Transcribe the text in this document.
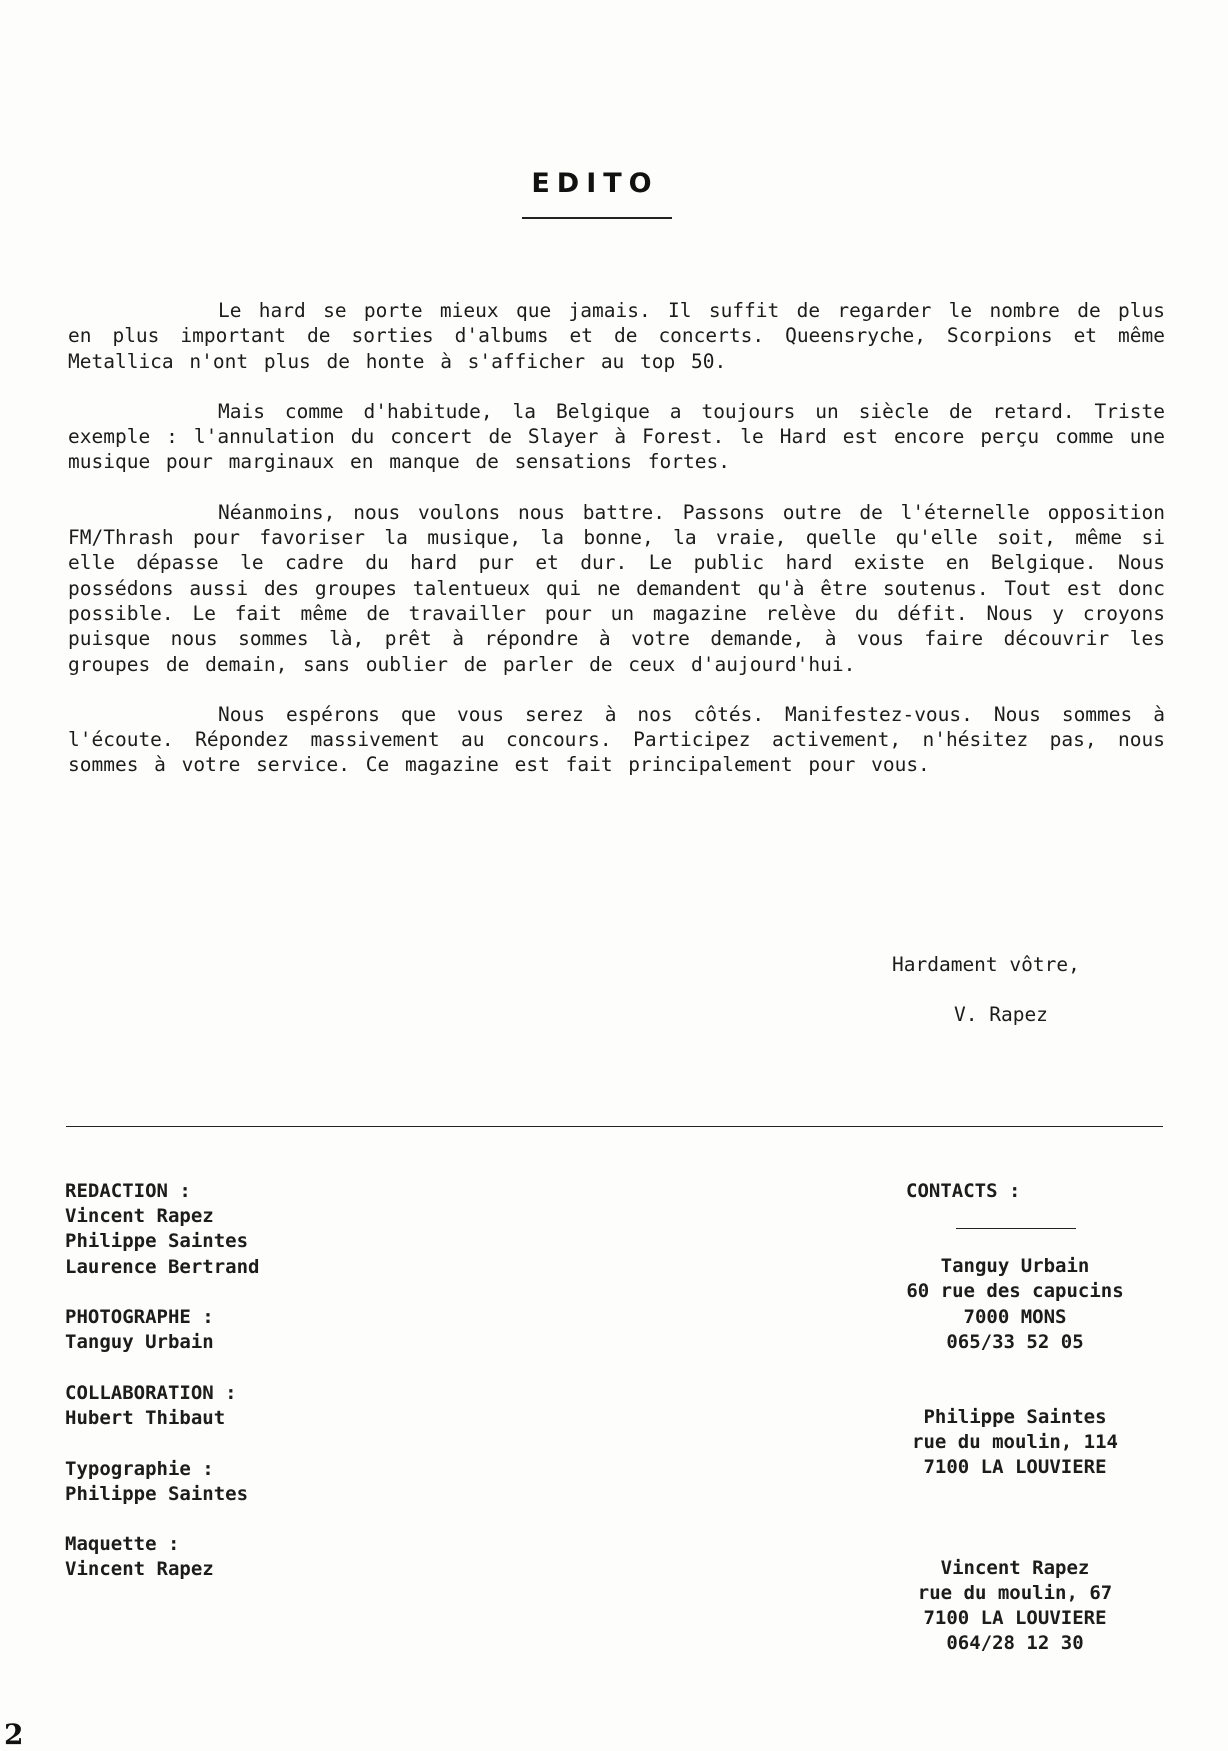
EDITO

Le hard se porte mieux que jamais. Il suffit de regarder le nombre de plus en plus important de sorties d'albums et de concerts. Queensryche, Scorpions et même Metallica n'ont plus de honte à s'afficher au top 50.

Mais comme d'habitude, la Belgique a toujours un siècle de retard. Triste exemple : l'annulation du concert de Slayer à Forest. le Hard est encore perçu comme une musique pour marginaux en manque de sensations fortes.

Néanmoins, nous voulons nous battre. Passons outre de l'éternelle opposition FM/Thrash pour favoriser la musique, la bonne, la vraie, quelle qu'elle soit, même si elle dépasse le cadre du hard pur et dur. Le public hard existe en Belgique. Nous possédons aussi des groupes talentueux qui ne demandent qu'à être soutenus. Tout est donc possible. Le fait même de travailler pour un magazine relève du défit. Nous y croyons puisque nous sommes là, prêt à répondre à votre demande, à vous faire découvrir les groupes de demain, sans oublier de parler de ceux d'aujourd'hui.

Nous espérons que vous serez à nos côtés. Manifestez-vous. Nous sommes à l'écoute. Répondez massivement au concours. Participez activement, n'hésitez pas, nous sommes à votre service. Ce magazine est fait principalement pour vous.

Hardament vôtre,

V. Rapez

REDACTION :
Vincent Rapez
Philippe Saintes
Laurence Bertrand
PHOTOGRAPHE :
Tanguy Urbain
COLLABORATION :
Hubert Thibaut
Typographie :
Philippe Saintes
Maquette :
Vincent Rapez
CONTACTS :
Tanguy Urbain
60 rue des capucins
7000 MONS
065/33 52 05
Philippe Saintes
rue du moulin, 114
7100 LA LOUVIERE
Vincent Rapez
rue du moulin, 67
7100 LA LOUVIERE
064/28 12 30
2
